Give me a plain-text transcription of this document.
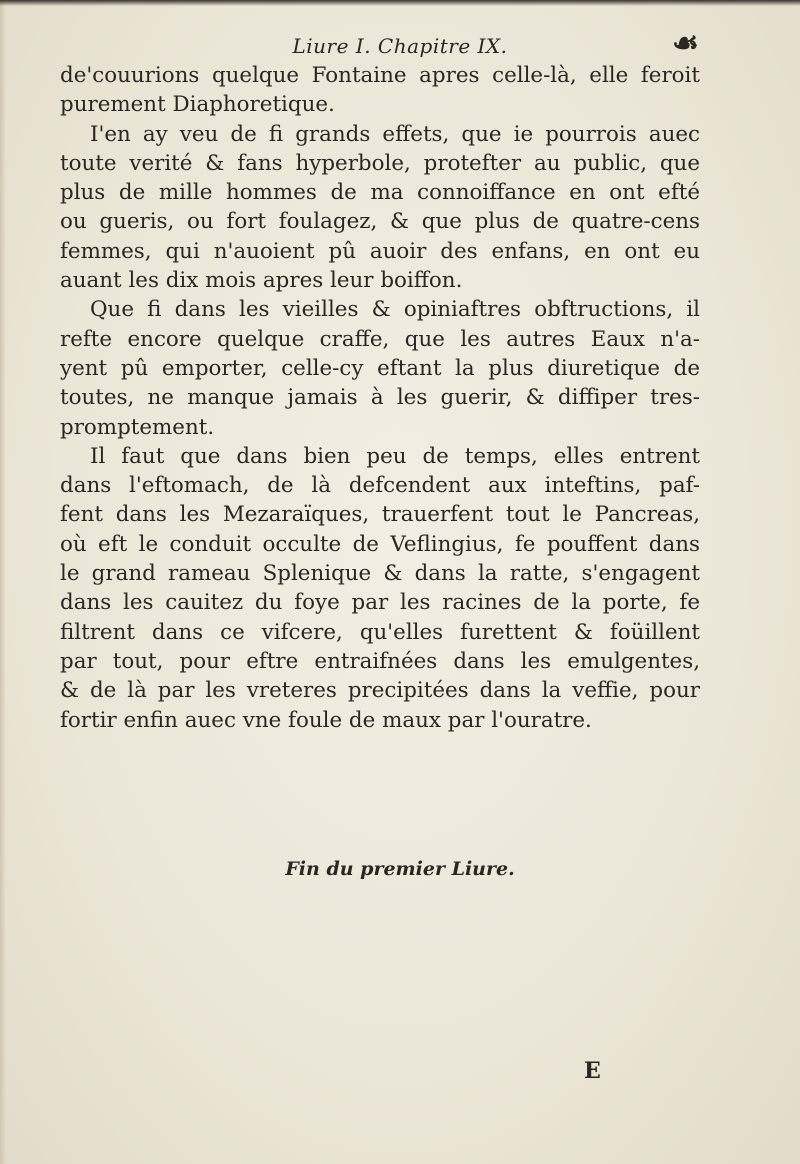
Liure I. Chapitre IX.	☙
de'couurions quelque Fontaine apres celle-là, elle feroit
purement Diaphoretique.
I'en ay veu de fi grands effets, que ie pourrois auec
toute verité & fans hyperbole, protefter au public, que
plus de mille hommes de ma connoiffance en ont efté
ou gueris, ou fort foulagez, & que plus de quatre-cens
femmes, qui n'auoient pû auoir des enfans, en ont eu
auant les dix mois apres leur boiffon.
Que fi dans les vieilles & opiniaftres obftructions, il
refte encore quelque craffe, que les autres Eaux n'a-
yent pû emporter, celle-cy eftant la plus diuretique de
toutes, ne manque jamais à les guerir, & diffiper tres-
promptement.
Il faut que dans bien peu de temps, elles entrent
dans l'eftomach, de là defcendent aux inteftins, paf-
fent dans les Mezaraïques, trauerfent tout le Pancreas,
où eft le conduit occulte de Veflingius, fe pouffent dans
le grand rameau Splenique & dans la ratte, s'engagent
dans les cauitez du foye par les racines de la porte, fe
filtrent dans ce vifcere, qu'elles furettent & foüillent
par tout, pour eftre entraifnées dans les emulgentes,
& de là par les vreteres precipitées dans la veffie, pour
fortir enfin auec vne foule de maux par l'ouratre.
Fin du premier Liure.
E
